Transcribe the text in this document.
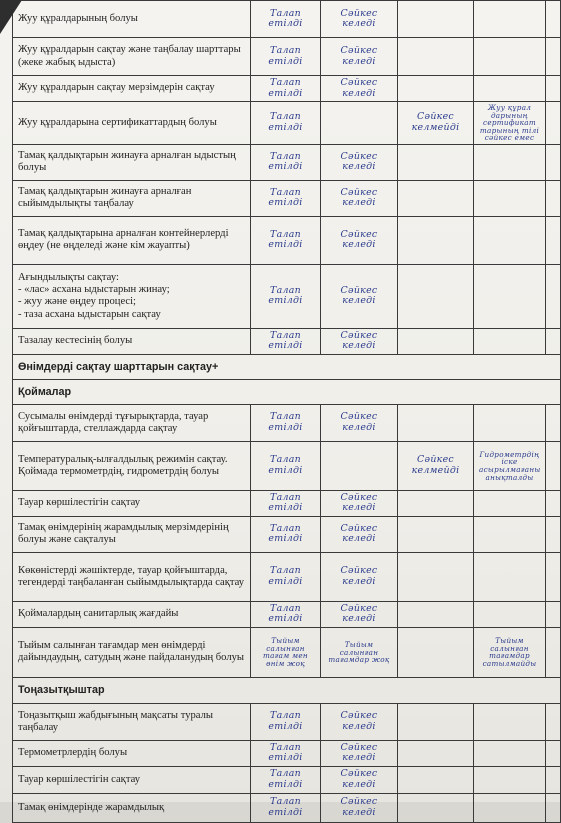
Жуу құралдарының болуы	Талап етілді	Сәйкес келеді			

Жуу құралдарын сақтау және таңбалау шарттары (жеке жабық ыдыста)	Талап етілді	Сәйкес келеді			

Жуу құралдарын сақтау мерзімдерін сақтау	Талап етілді	Сәйкес келеді			

Жуу құралдарына сертификаттардың болуы	Талап етілді		Сәйкес келмейді	Жуу құрал дарының сертификат тарының тілі сәйкес емес	

Тамақ қалдықтарын жинауға арналған ыдыстың болуы	Талап етілді	Сәйкес келеді			

Тамақ қалдықтарын жинауға арналған сыйымдылықты таңбалау	Талап етілді	Сәйкес келеді			

Тамақ қалдықтарына арналған контейнерлерді өңдеу (не өңделеді және кім жауапты)	Талап етілді	Сәйкес келеді			

Ағындылықты сақтау:
- «лас» асхана ыдыстарын жинау;
- жуу және өңдеу процесі;
- таза асхана ыдыстарын сақтау	Талап етілді	Сәйкес келеді			

Тазалау кестесінің болуы	Талап етілді	Сәйкес келеді			
Өнімдерді сақтау шарттарын сақтау+					
Қоймалар					

Сусымалы өнімдерді тұғырықтарда, тауар қойғыштарда, стеллаждарда сақтау	Талап етілді	Сәйкес келеді			

Температуралық-ылғалдылық режимін сақтау. Қоймада термометрдің, гидрометрдің болуы	Талап етілді		Сәйкес келмейді	Гидрометрдің іске асырылмағаны анықталды	

Тауар көршілестігін сақтау	Талап етілді	Сәйкес келеді			

Тамақ өнімдерінің жарамдылық мерзімдерінің болуы және сақталуы	Талап етілді	Сәйкес келеді			

Көкөністерді жәшіктерде, тауар қойғыштарда, тегендерді таңбаланған сыйымдылықтарда сақтау	Талап етілді	Сәйкес келеді			

Қоймалардың санитарлық жағдайы	Талап етілді	Сәйкес келеді			

Тыйым салынған тағамдар мен өнімдерді дайындаудың, сатудың және пайдаланудың болуы	Тыйым салынған тағам мен өнім жоқ	Тыйым салынған тағамдар жоқ		Тыйым салынған тағамдар сатылмайды	
Тоңазытқыштар					

Тоңазытқыш жабдығының мақсаты туралы таңбалау	Талап етілді	Сәйкес келеді			

Термометрлердің болуы	Талап етілді	Сәйкес келеді			

Тауар көршілестігін сақтау	Талап етілді	Сәйкес келеді			

Тамақ өнімдерінде жарамдылық	Талап етілді	Сәйкес келеді			
